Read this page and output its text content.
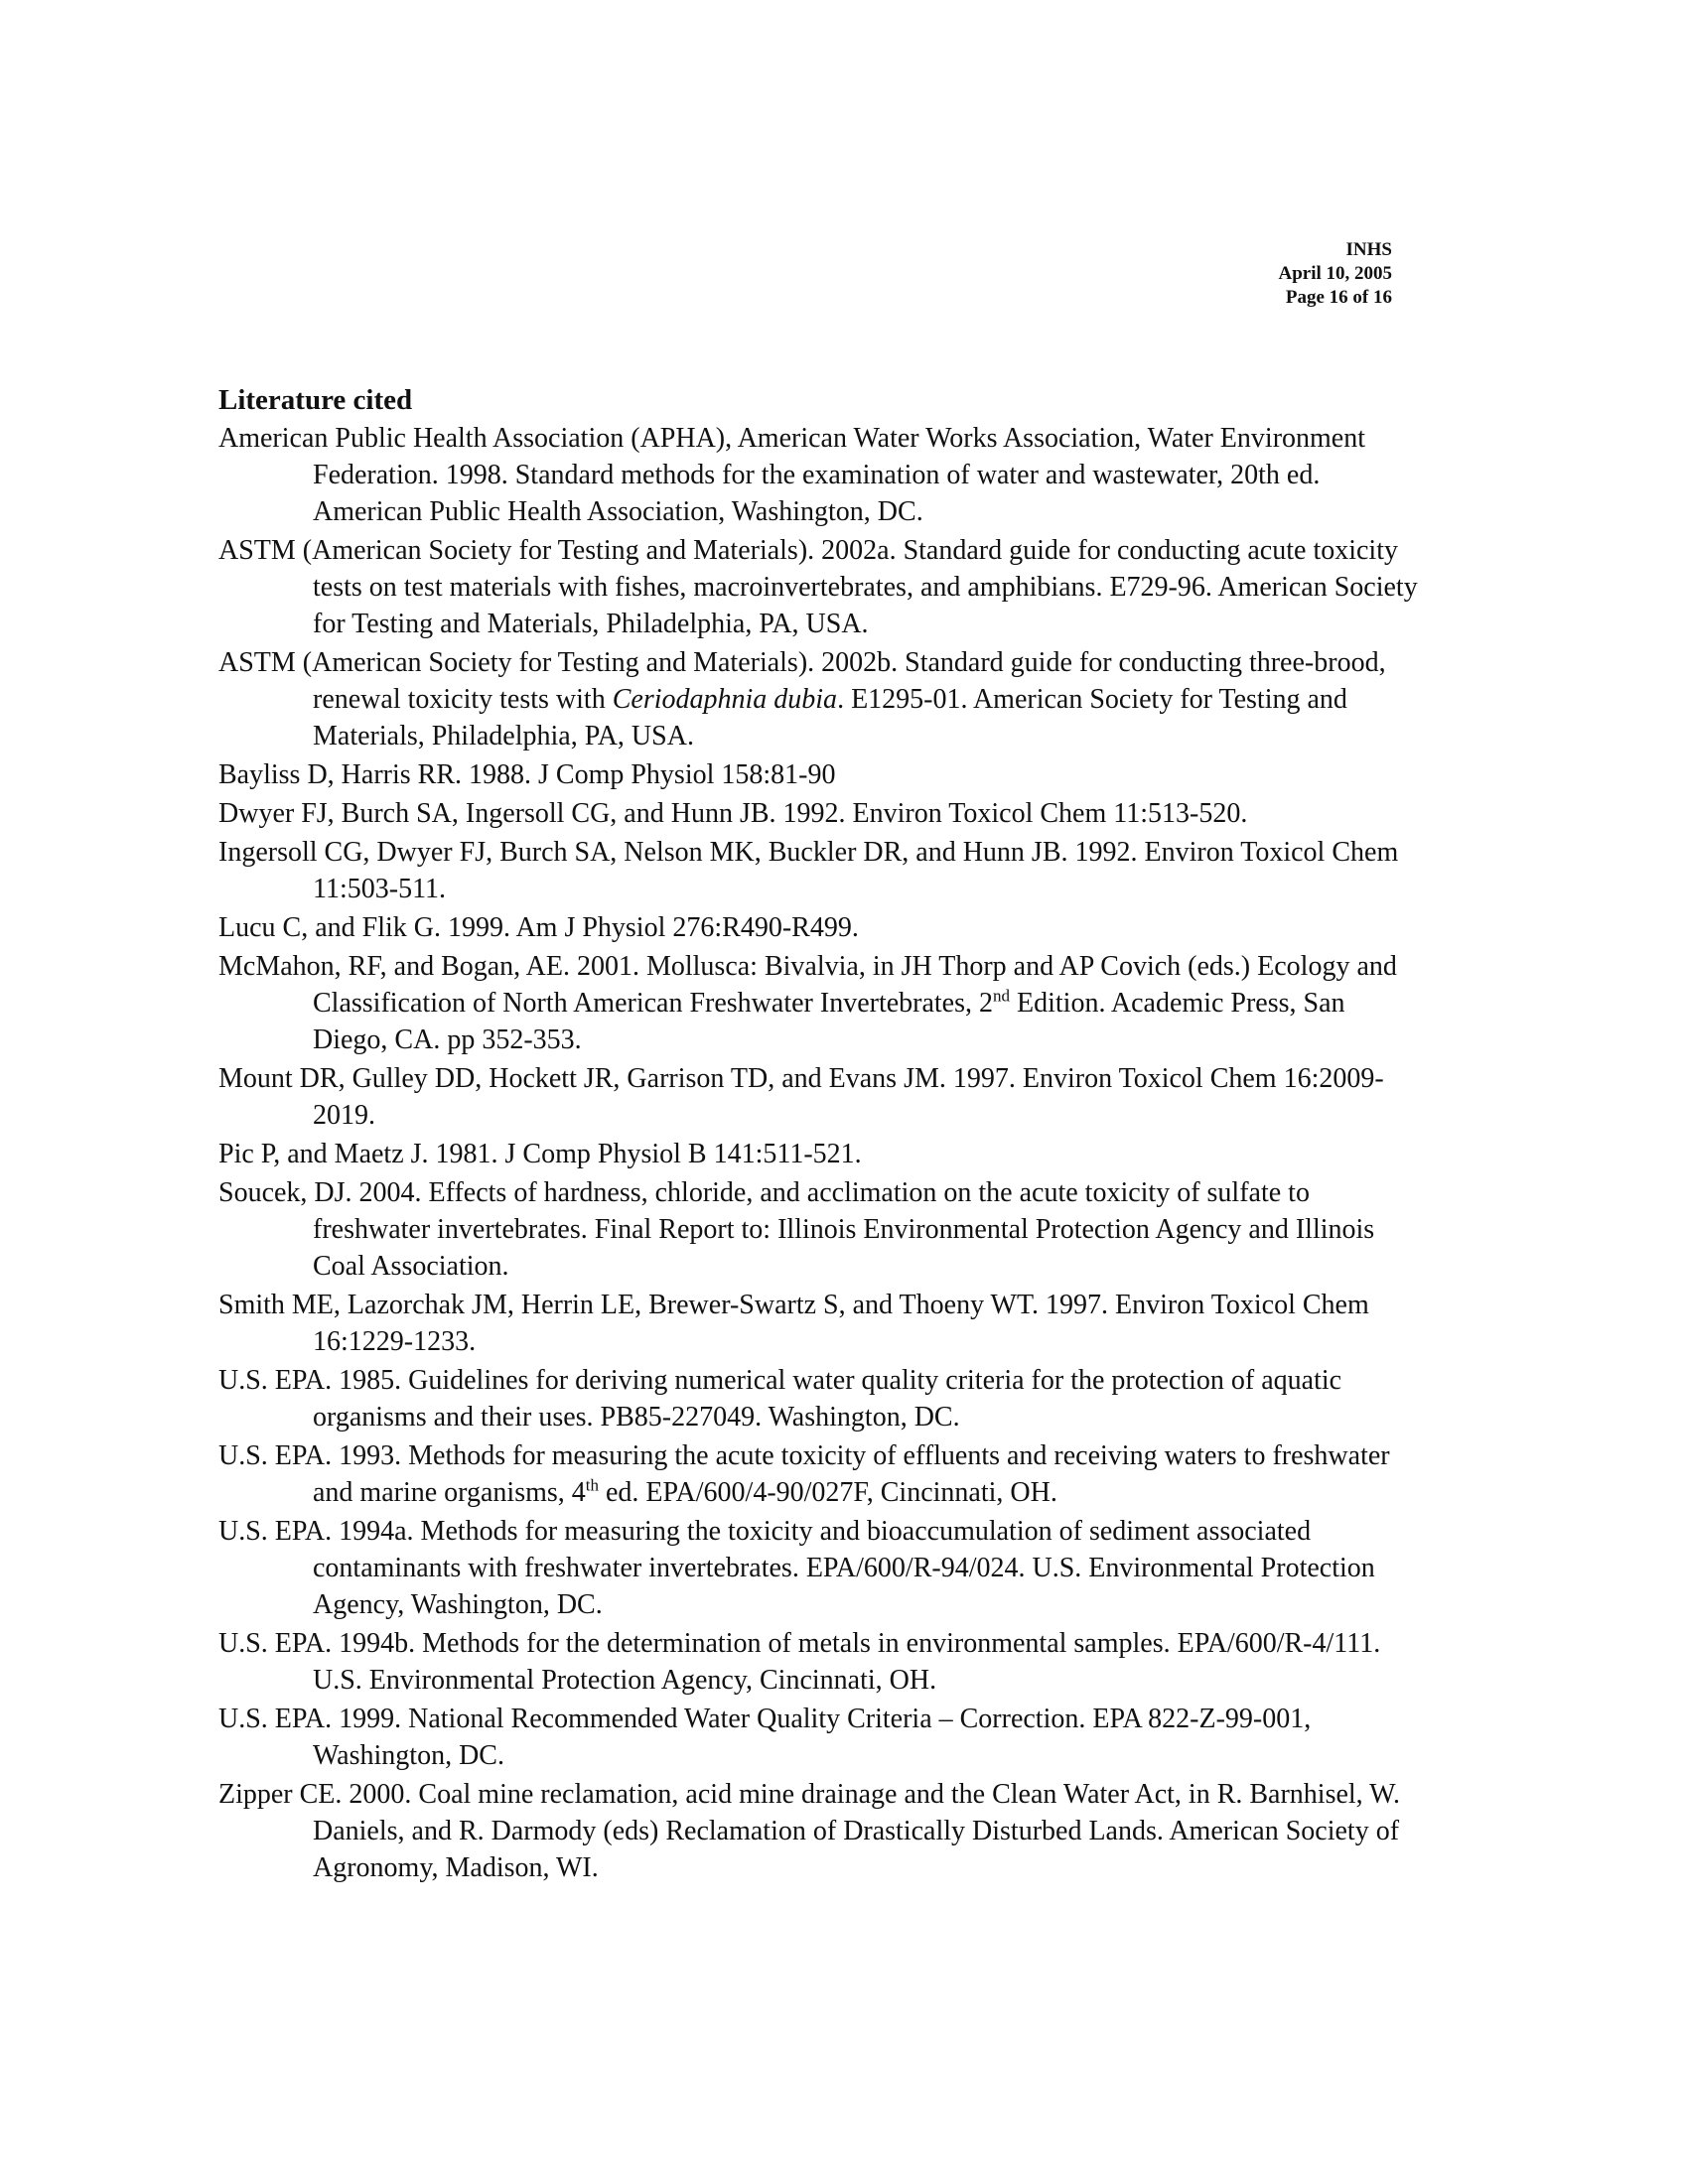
INHS
April 10, 2005
Page 16 of 16
Literature cited
American Public Health Association (APHA), American Water Works Association, Water Environment Federation. 1998. Standard methods for the examination of water and wastewater, 20th ed. American Public Health Association, Washington, DC.
ASTM (American Society for Testing and Materials). 2002a. Standard guide for conducting acute toxicity tests on test materials with fishes, macroinvertebrates, and amphibians. E729-96. American Society for Testing and Materials, Philadelphia, PA, USA.
ASTM (American Society for Testing and Materials). 2002b. Standard guide for conducting three-brood, renewal toxicity tests with Ceriodaphnia dubia. E1295-01. American Society for Testing and Materials, Philadelphia, PA, USA.
Bayliss D, Harris RR. 1988. J Comp Physiol 158:81-90
Dwyer FJ, Burch SA, Ingersoll CG, and Hunn JB. 1992. Environ Toxicol Chem 11:513-520.
Ingersoll CG, Dwyer FJ, Burch SA, Nelson MK, Buckler DR, and Hunn JB. 1992. Environ Toxicol Chem 11:503-511.
Lucu C, and Flik G. 1999. Am J Physiol 276:R490-R499.
McMahon, RF, and Bogan, AE. 2001. Mollusca: Bivalvia, in JH Thorp and AP Covich (eds.) Ecology and Classification of North American Freshwater Invertebrates, 2nd Edition. Academic Press, San Diego, CA. pp 352-353.
Mount DR, Gulley DD, Hockett JR, Garrison TD, and Evans JM. 1997. Environ Toxicol Chem 16:2009-2019.
Pic P, and Maetz J. 1981. J Comp Physiol B 141:511-521.
Soucek, DJ. 2004. Effects of hardness, chloride, and acclimation on the acute toxicity of sulfate to freshwater invertebrates. Final Report to: Illinois Environmental Protection Agency and Illinois Coal Association.
Smith ME, Lazorchak JM, Herrin LE, Brewer-Swartz S, and Thoeny WT. 1997. Environ Toxicol Chem 16:1229-1233.
U.S. EPA. 1985. Guidelines for deriving numerical water quality criteria for the protection of aquatic organisms and their uses. PB85-227049. Washington, DC.
U.S. EPA. 1993. Methods for measuring the acute toxicity of effluents and receiving waters to freshwater and marine organisms, 4th ed. EPA/600/4-90/027F, Cincinnati, OH.
U.S. EPA. 1994a. Methods for measuring the toxicity and bioaccumulation of sediment associated contaminants with freshwater invertebrates. EPA/600/R-94/024. U.S. Environmental Protection Agency, Washington, DC.
U.S. EPA. 1994b. Methods for the determination of metals in environmental samples. EPA/600/R-4/111. U.S. Environmental Protection Agency, Cincinnati, OH.
U.S. EPA. 1999. National Recommended Water Quality Criteria – Correction. EPA 822-Z-99-001, Washington, DC.
Zipper CE. 2000. Coal mine reclamation, acid mine drainage and the Clean Water Act, in R. Barnhisel, W. Daniels, and R. Darmody (eds) Reclamation of Drastically Disturbed Lands. American Society of Agronomy, Madison, WI.
